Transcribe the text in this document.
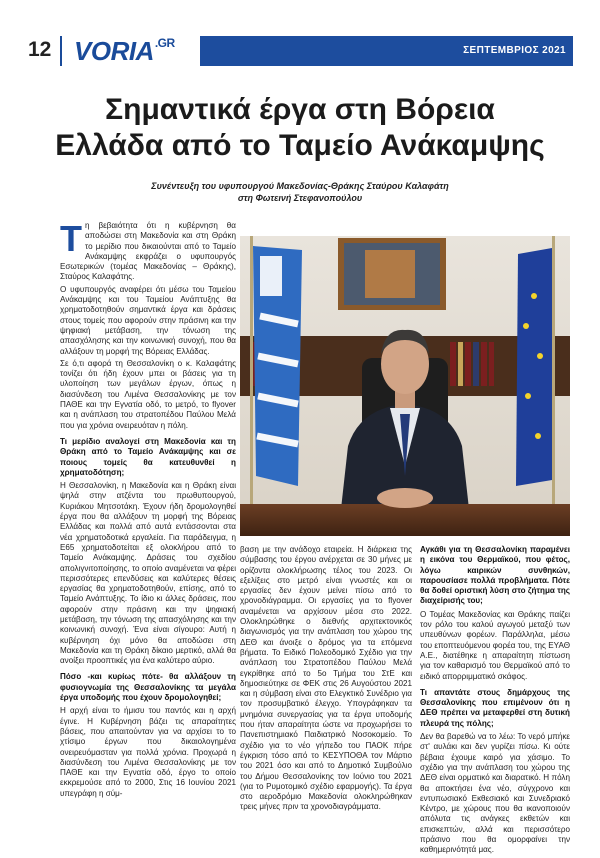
12 $VORIA^{.GR}$
ΣΕΠΤΕΜΒΡΙΟΣ 2021
Σημαντικά έργα στη Βόρεια
Ελλάδα από το Ταμείο Ανάκαμψης
Συνέντευξη του υφυπουργού Μακεδονίας-Θράκης Σταύρου Καλαφάτη
στη Φωτεινή Στεφανοπούλου

Τη βεβαιότητα ότι η κυβέρνηση θα αποδώσει στη Μακεδονία και στη Θράκη το μερίδιο που δικαιούνται από το Ταμείο Ανάκαμψης εκφράζει ο υφυπουργός Εσωτερικών (τομέας Μακεδονίας – Θράκης), Σταύρος Καλαφάτης.

Ο υφυπουργός αναφέρει ότι μέσω του Ταμείου Ανάκαμψης και του Ταμείου Ανάπτυξης θα χρηματοδοτηθούν σημαντικά έργα και δράσεις στους τομείς που αφορούν στην πράσινη και την ψηφιακή μετάβαση, την τόνωση της απασχόλησης και την κοινωνική συνοχή, που θα αλλάξουν τη μορφή της Βόρειας Ελλάδας.

Σε ό,τι αφορά τη Θεσσαλονίκη ο κ. Καλαφάτης τονίζει ότι ήδη έχουν μπει οι βάσεις για τη υλοποίηση των μεγάλων έργων, όπως η διασύνδεση του Λιμένα Θεσσαλονίκης με τον ΠΑΘΕ και την Εγνατία οδό, το μετρό, το flyover και η ανάπλαση του στρατοπέδου Παύλου Μελά που για χρόνια ονειρευόταν η πόλη.

Τι μερίδιο αναλογεί στη Μακεδονία και τη Θράκη από το Ταμείο Ανάκαμψης και σε ποιους τομείς θα κατευθυνθεί η χρηματοδότηση;

Η Θεσσαλονίκη, η Μακεδονία και η Θράκη είναι ψηλά στην ατζέντα του πρωθυπουργού, Κυριάκου Μητσοτάκη. Έχουν ήδη δρομολογηθεί έργα που θα αλλάξουν τη μορφή της Βόρειας Ελλάδας και πολλά από αυτά εντάσσονται στα νέα χρηματοδοτικά εργαλεία. Για παράδειγμα, η Ε65 χρηματοδοτείται εξ ολοκλήρου από το Ταμείο Ανάκαμψης. Δράσεις του σχεδίου απολιγνιτοποίησης, το οποίο αναμένεται να φέρει περισσότερες επενδύσεις και καλύτερες θέσεις εργασίας θα χρηματοδοτηθούν, επίσης, από το Ταμείο Ανάπτυξης. Το ίδιο κι άλλες δράσεις, που αφορούν στην πράσινη και την ψηφιακή μετάβαση, την τόνωση της απασχόλησης και την κοινωνική συνοχή. Ένα είναι σίγουρο: Αυτή η κυβέρνηση όχι μόνο θα αποδώσει στη Μακεδονία και τη Θράκη δίκαιο μερτικό, αλλά θα ανοίξει προοπτικές για ένα καλύτερο αύριο.

Πόσο -και κυρίως πότε- θα αλλάξουν τη φυσιογνωμία της Θεσσαλονίκης τα μεγάλα έργα υποδομής που έχουν δρομολογηθεί;

Η αρχή είναι το ήμισυ του παντός και η αρχή έγινε. Η Κυβέρνηση βάζει τις απαραίτητες βάσεις, που απαιτούνταν για να αρχίσει το το χτίσιμο έργων που δικαιολογημένα ονειρευόμασταν για πολλά χρόνια. Προχωρά η διασύνδεση του Λιμένα Θεσσαλονίκης με τον ΠΑΘΕ και την Εγνατία οδό, έργο το οποίο εκκρεμούσε από το 2000, Στις 16 Ιουνίου 2021 υπεγράφη η σύμ-

βαση με την ανάδοχο εταιρεία. Η διάρκεια της σύμβασης του έργου ανέρχεται σε 30 μήνες με ορίζοντα ολοκλήρωσης τέλος του 2023. Οι εξελίξεις στο μετρό είναι γνωστές και οι εργασίες δεν έχουν μείνει πίσω από το χρονοδιάγραμμα. Οι εργασίες για το flyover αναμένεται να αρχίσουν μέσα στο 2022. Ολοκληρώθηκε ο διεθνής αρχιτεκτονικός διαγωνισμός για την ανάπλαση του χώρου της ΔΕΘ και άνοιξε ο δρόμος για τα επόμενα βήματα. Το Ειδικό Πολεοδομικό Σχέδιο για την ανάπλαση του Στρατοπέδου Παύλου Μελά εγκρίθηκε από το 5ο Τμήμα του ΣτΕ και δημοσιεύτηκε σε ΦΕΚ στις 26 Αυγούστου 2021 και η σύμβαση είναι στο Ελεγκτικό Συνέδριο για τον προσυμβατικό έλεγχο. Υπογράφηκαν τα μνημόνια συνεργασίας για τα έργα υποδομής που ήταν απαραίτητα ώστε να προχωρήσει το Πανεπιστημιακό Παιδιατρικό Νοσοκομείο. Το σχέδιο για το νέο γήπεδο του ΠΑΟΚ πήρε έγκριση τόσο από το ΚΕΣΥΠΟΘΑ τον Μάρτιο του 2021 όσο και από το Δημοτικό Συμβούλιο του Δήμου Θεσσαλονίκης τον Ιούνιο του 2021 (για το Ρυμοτομικό σχέδιο εφαρμογής). Τα έργα στο αεροδρόμιο Μακεδονία ολοκληρώθηκαν τρεις μήνες πριν τα χρονοδιαγράμματα.

Αγκάθι για τη Θεσσαλονίκη παραμένει η εικόνα του Θερμαϊκού, που φέτος, λόγω καιρικών συνθηκών, παρουσίασε πολλά προβλήματα. Πότε θα δοθεί οριστική λύση στο ζήτημα της διαχείρισής του;

Ο Τομέας Μακεδονίας και Θράκης παίζει τον ρόλο του καλού αγωγού μεταξύ των υπευθύνων φορέων. Παράλληλα, μέσω του εποπτευόμενου φορέα του, της ΕΥΑΘ Α.Ε., διατέθηκε η απαραίτητη πίστωση για τον καθαρισμό του Θερμαϊκού από το ειδικό απορριμματικό σκάφος.

Τι απαντάτε στους δημάρχους της Θεσσαλονίκης που επιμένουν ότι η ΔΕΘ πρέπει να μεταφερθεί στη δυτική πλευρά της πόλης;

Δεν θα βαρεθώ να το λέω: Το νερό μπήκε στ' αυλάκι και δεν γυρίζει πίσω. Κι ούτε βέβαια έχουμε καιρό για χάσιμο. Το σχέδιο για την ανάπλαση του χώρου της ΔΕΘ είναι ορματικό και διαρατικό. Η πόλη θα αποκτήσει ένα νέο, σύγχρονο και εντυπωσιακό Εκθεσιακό και Συνεδριακό Κέντρο, με χώρους που θα ικανοποιούν απόλυτα τις ανάγκες εκθετών και επισκεπτών, αλλά και περισσότερο πράσινο που θα ομορφαίνει την καθημερινότητά μας.
